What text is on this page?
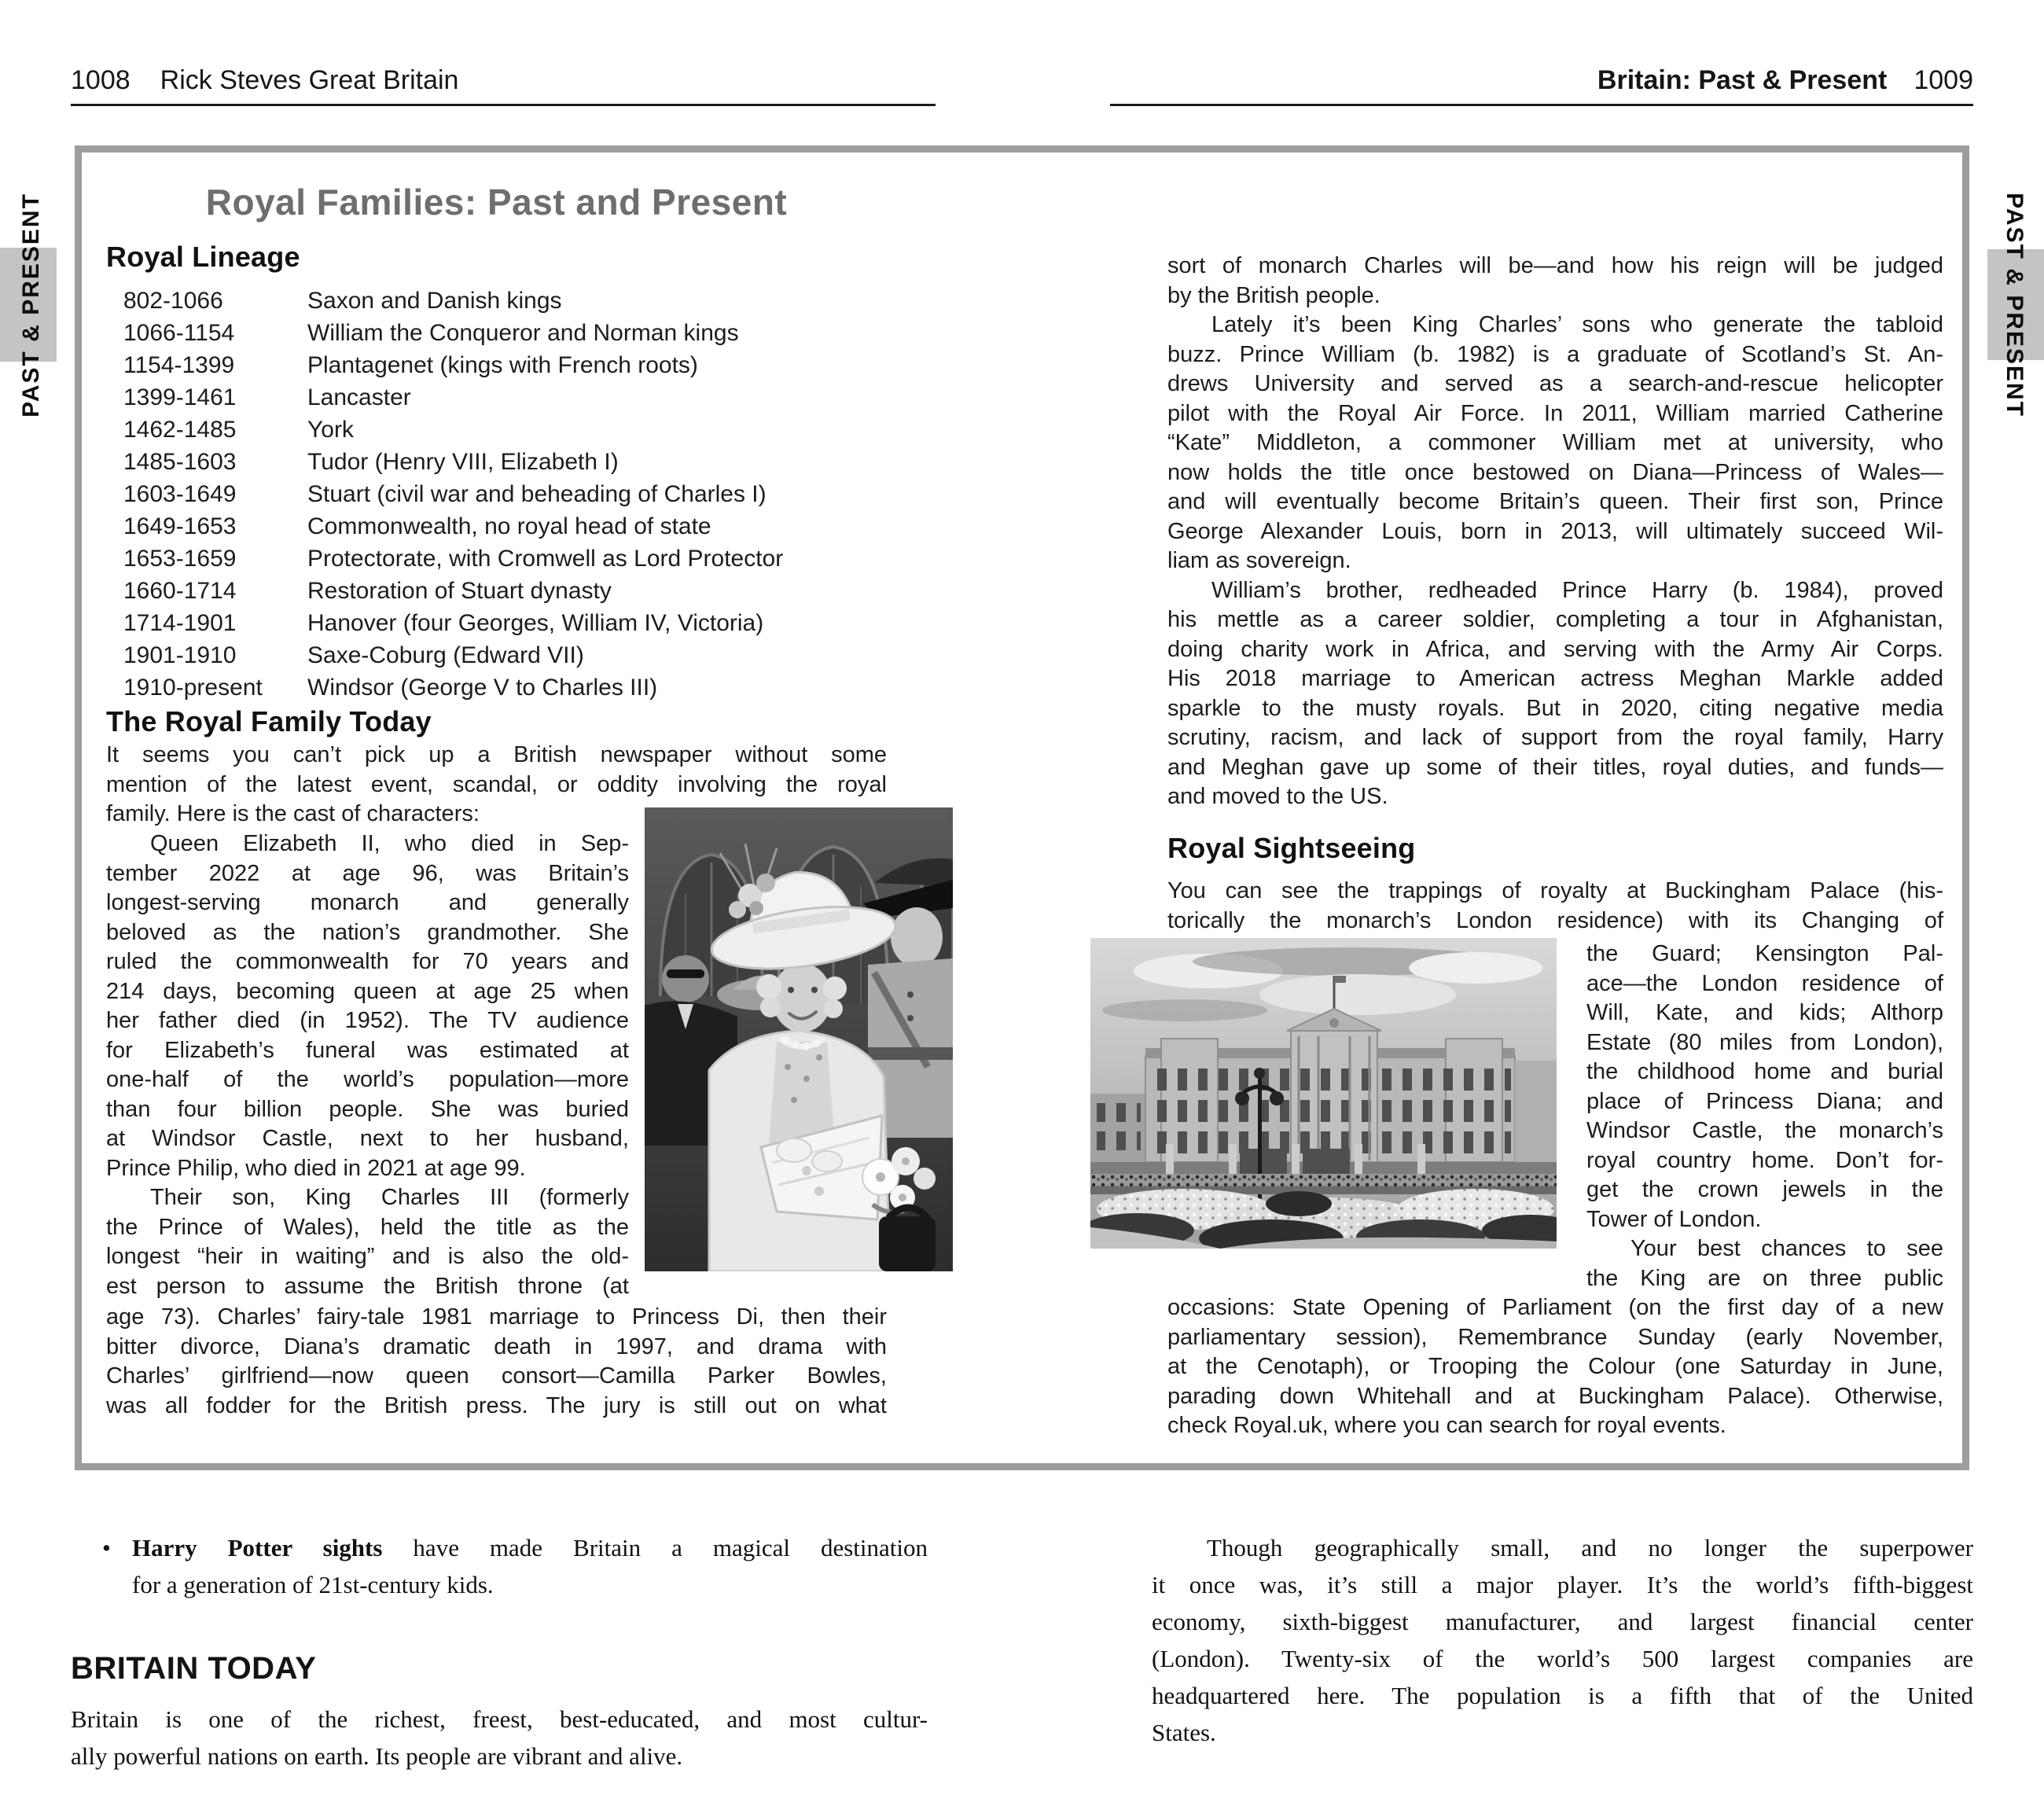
1008 Rick Steves Great Britain	Britain: Past & Present 1009
PAST & PRESENT	PAST & PRESENT
Royal Families: Past and Present
Royal Lineage
802-1066	Saxon and Danish kings
1066-1154	William the Conqueror and Norman kings
1154-1399	Plantagenet (kings with French roots)
1399-1461	Lancaster
1462-1485	York
1485-1603	Tudor (Henry VIII, Elizabeth I)
1603-1649	Stuart (civil war and beheading of Charles I)
1649-1653	Commonwealth, no royal head of state
1653-1659	Protectorate, with Cromwell as Lord Protector
1660-1714	Restoration of Stuart dynasty
1714-1901	Hanover (four Georges, William IV, Victoria)
1901-1910	Saxe-Coburg (Edward VII)
1910-present	Windsor (George V to Charles III)
The Royal Family Today
It seems you can’t pick up a British newspaper without some
mention of the latest event, scandal, or oddity involving the royal
family. Here is the cast of characters:
Queen Elizabeth II, who died in Sep-
tember 2022 at age 96, was Britain’s
longest-serving monarch and generally
beloved as the nation’s grandmother. She
ruled the commonwealth for 70 years and
214 days, becoming queen at age 25 when
her father died (in 1952). The TV audience
for Elizabeth’s funeral was estimated at
one-half of the world’s population—more
than four billion people. She was buried
at Windsor Castle, next to her husband,
Prince Philip, who died in 2021 at age 99.
Their son, King Charles III (formerly
the Prince of Wales), held the title as the
longest “heir in waiting” and is also the old-
est person to assume the British throne (at
age 73). Charles’ fairy-tale 1981 marriage to Princess Di, then their
bitter divorce, Diana’s dramatic death in 1997, and drama with
Charles’ girlfriend—now queen consort—Camilla Parker Bowles,
was all fodder for the British press. The jury is still out on what
sort of monarch Charles will be—and how his reign will be judged
by the British people.
Lately it’s been King Charles’ sons who generate the tabloid
buzz. Prince William (b. 1982) is a graduate of Scotland’s St. An-
drews University and served as a search-and-rescue helicopter
pilot with the Royal Air Force. In 2011, William married Catherine
“Kate” Middleton, a commoner William met at university, who
now holds the title once bestowed on Diana—Princess of Wales—
and will eventually become Britain’s queen. Their first son, Prince
George Alexander Louis, born in 2013, will ultimately succeed Wil-
liam as sovereign.
William’s brother, redheaded Prince Harry (b. 1984), proved
his mettle as a career soldier, completing a tour in Afghanistan,
doing charity work in Africa, and serving with the Army Air Corps.
His 2018 marriage to American actress Meghan Markle added
sparkle to the musty royals. But in 2020, citing negative media
scrutiny, racism, and lack of support from the royal family, Harry
and Meghan gave up some of their titles, royal duties, and funds—
and moved to the US.
Royal Sightseeing
You can see the trappings of royalty at Buckingham Palace (his-
torically the monarch’s London residence) with its Changing of
the Guard; Kensington Pal-
ace—the London residence of
Will, Kate, and kids; Althorp
Estate (80 miles from London),
the childhood home and burial
place of Princess Diana; and
Windsor Castle, the monarch’s
royal country home. Don’t for-
get the crown jewels in the
Tower of London.
Your best chances to see
the King are on three public
occasions: State Opening of Parliament (on the first day of a new
parliamentary session), Remembrance Sunday (early November,
at the Cenotaph), or Trooping the Colour (one Saturday in June,
parading down Whitehall and at Buckingham Palace). Otherwise,
check Royal.uk, where you can search for royal events.
• Harry Potter sights have made Britain a magical destination
for a generation of 21st-century kids.
BRITAIN TODAY
Britain is one of the richest, freest, best-educated, and most cultur-
ally powerful nations on earth. Its people are vibrant and alive.
Though geographically small, and no longer the superpower
it once was, it’s still a major player. It’s the world’s fifth-biggest
economy, sixth-biggest manufacturer, and largest financial center
(London). Twenty-six of the world’s 500 largest companies are
headquartered here. The population is a fifth that of the United
States.
